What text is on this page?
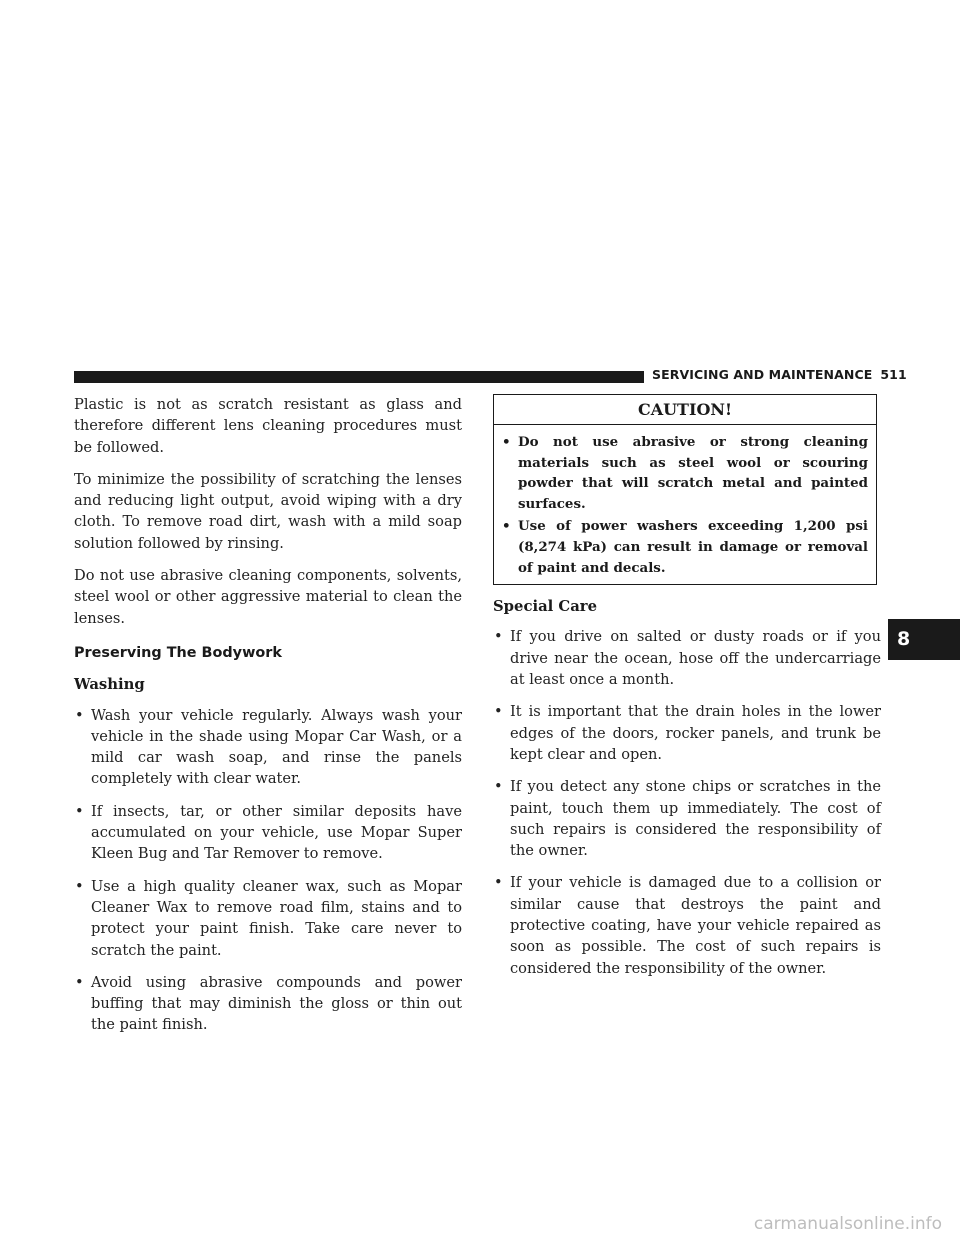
SERVICING AND MAINTENANCE 511

Plastic is not as scratch resistant as glass and therefore different lens cleaning procedures must be followed.

To minimize the possibility of scratching the lenses and reducing light output, avoid wiping with a dry cloth. To remove road dirt, wash with a mild soap solution followed by rinsing.

Do not use abrasive cleaning components, solvents, steel wool or other aggressive material to clean the lenses.

Preserving The Bodywork
Washing
• Wash your vehicle regularly. Always wash your vehicle in the shade using Mopar Car Wash, or a mild car wash soap, and rinse the panels completely with clear water.
• If insects, tar, or other similar deposits have accumulated on your vehicle, use Mopar Super Kleen Bug and Tar Remover to remove.
• Use a high quality cleaner wax, such as Mopar Cleaner Wax to remove road film, stains and to protect your paint finish. Take care never to scratch the paint.
• Avoid using abrasive compounds and power buffing that may diminish the gloss or thin out the paint finish.
CAUTION!
• Do not use abrasive or strong cleaning materials such as steel wool or scouring powder that will scratch metal and painted surfaces.
• Use of power washers exceeding 1,200 psi (8,274 kPa) can result in damage or removal of paint and decals.
Special Care
• If you drive on salted or dusty roads or if you drive near the ocean, hose off the undercarriage at least once a month.
• It is important that the drain holes in the lower edges of the doors, rocker panels, and trunk be kept clear and open.
• If you detect any stone chips or scratches in the paint, touch them up immediately. The cost of such repairs is considered the responsibility of the owner.
• If your vehicle is damaged due to a collision or similar cause that destroys the paint and protective coating, have your vehicle repaired as soon as possible. The cost of such repairs is considered the responsibility of the owner.
8
carmanualsonline.info
